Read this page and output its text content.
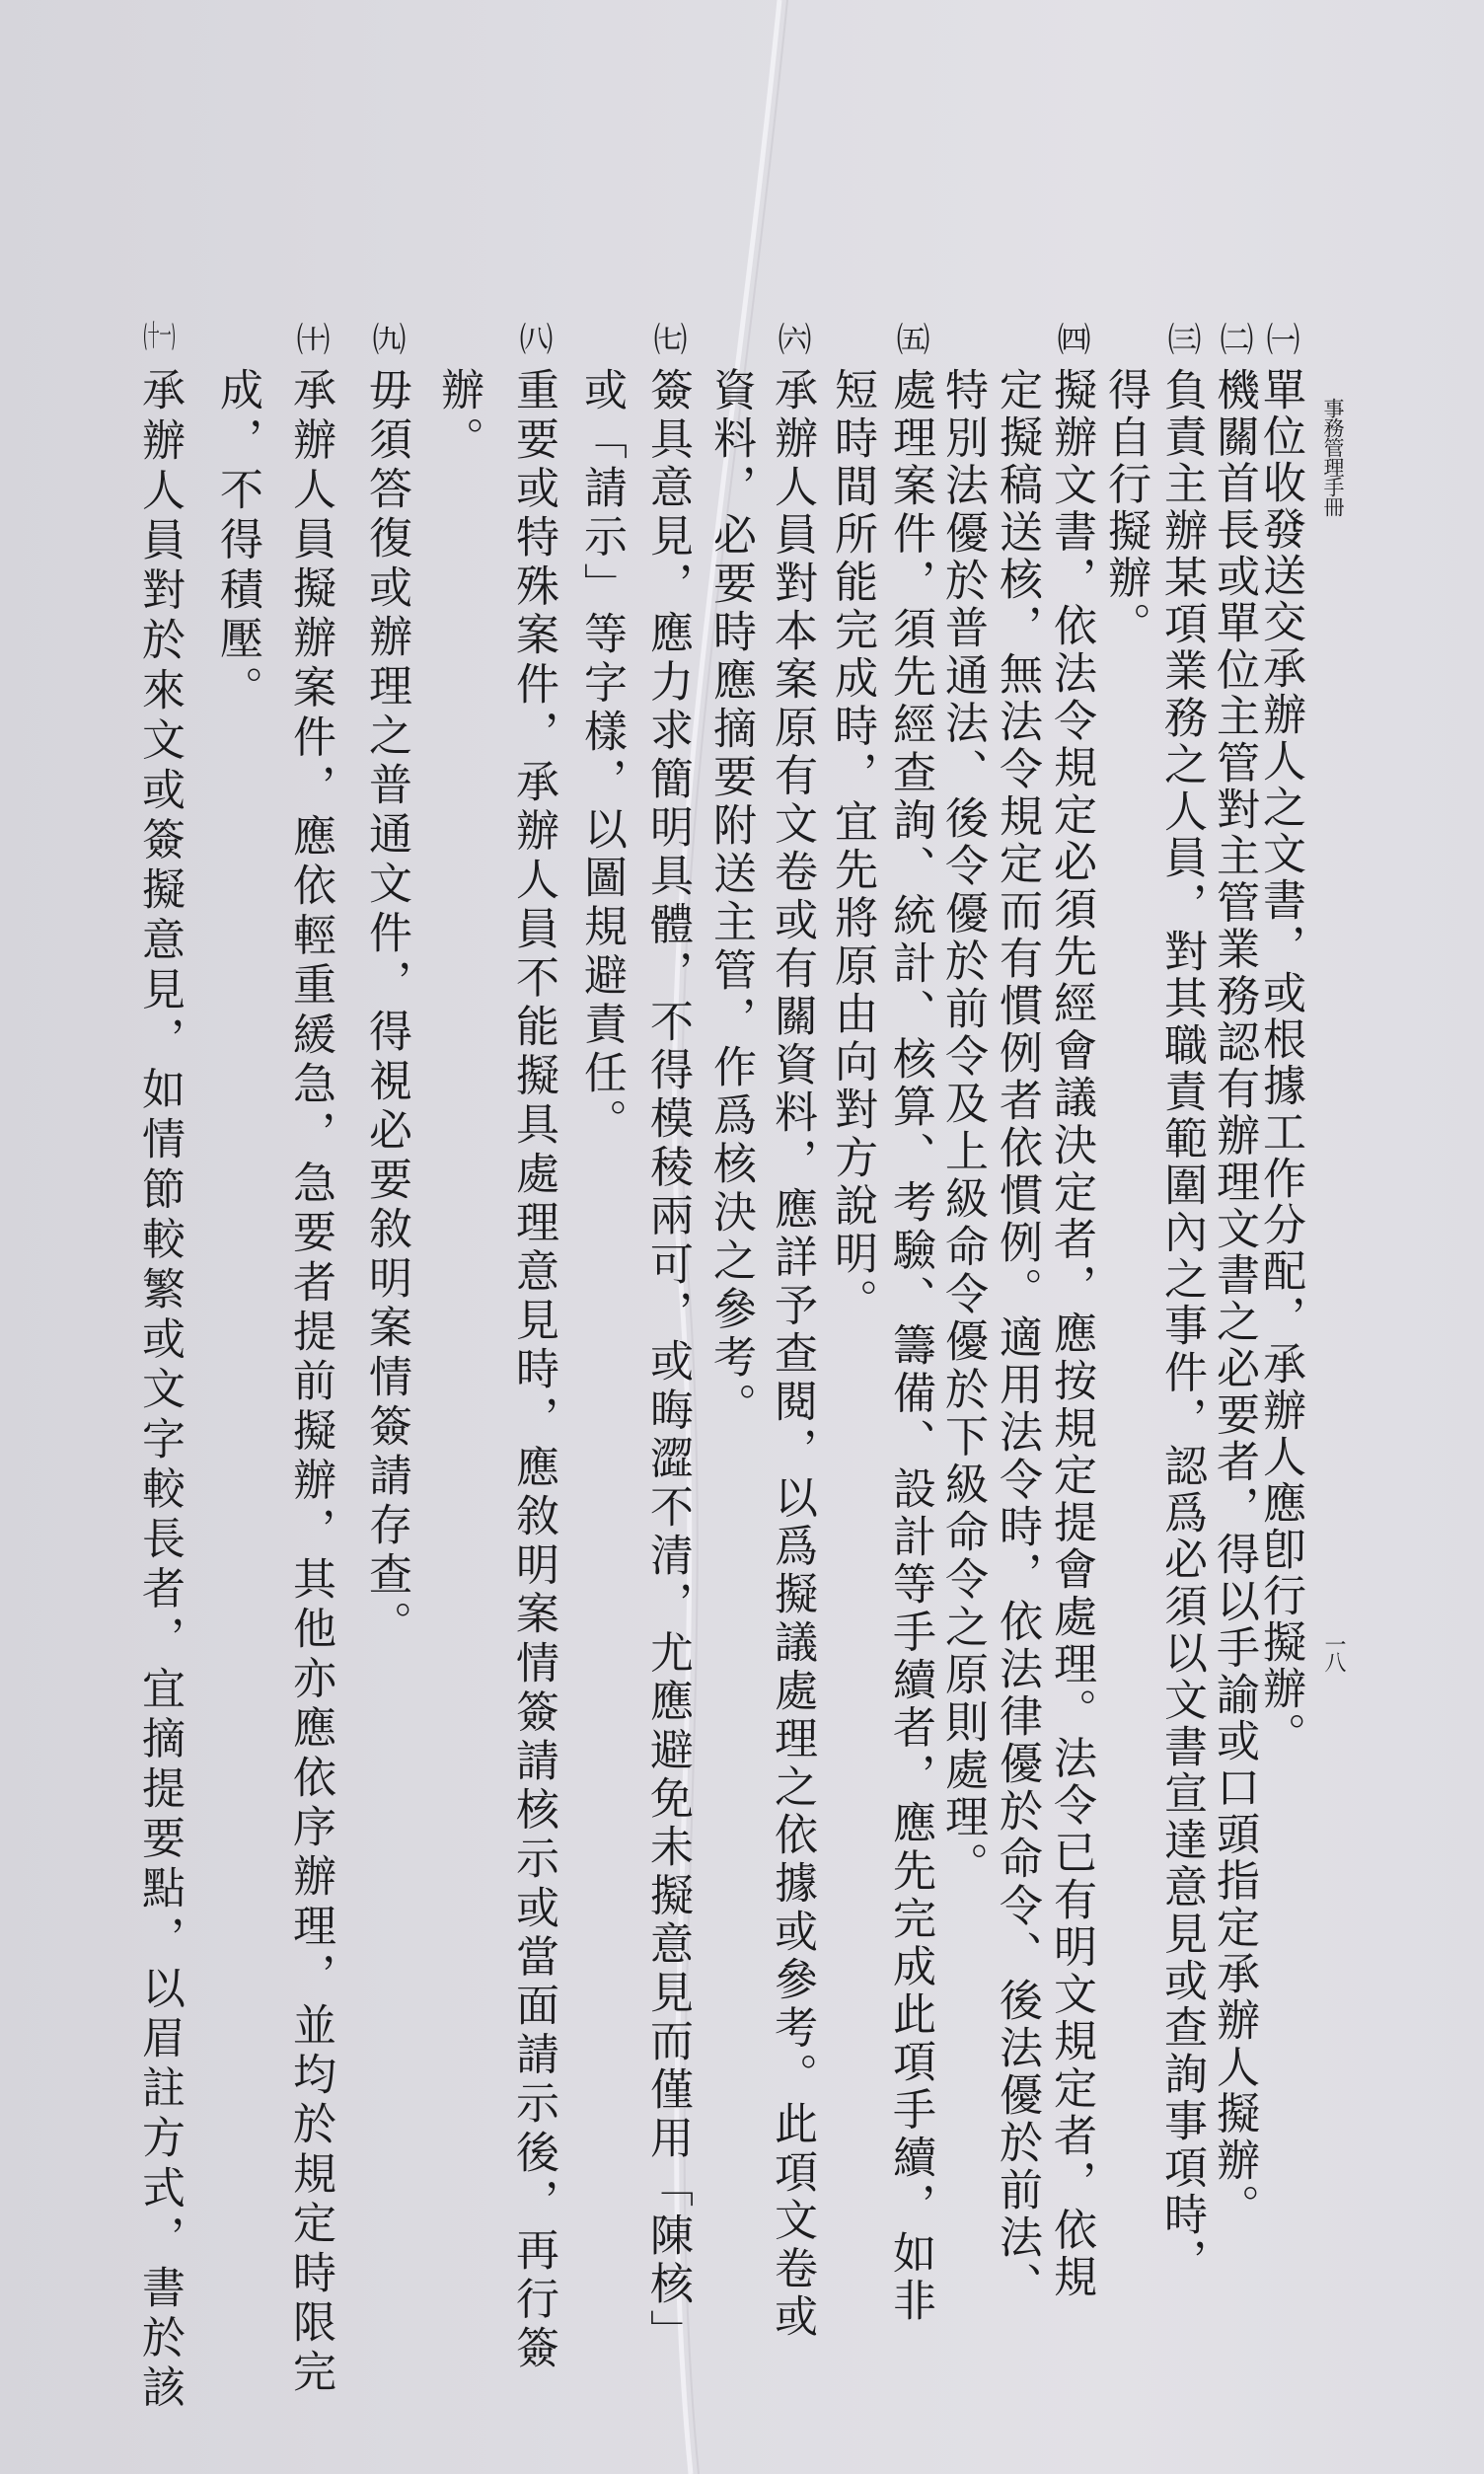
事務管理手冊
一八
㈠
單位收發送交承辦人之文書，或根據工作分配，承辦人應卽行擬辦。
㈡
機關首長或單位主管對主管業務認有辦理文書之必要者，得以手諭或口頭指定承辦人擬辦。
㈢
負責主辦某項業務之人員，對其職責範圍內之事件，認爲必須以文書宣達意見或查詢事項時，
得自行擬辦。
㈣
擬辦文書，依法令規定必須先經會議決定者，應按規定提會處理。法令已有明文規定者，依規
定擬稿送核，無法令規定而有慣例者依慣例。適用法令時，依法律優於命令、後法優於前法、
特別法優於普通法、後令優於前令及上級命令優於下級命令之原則處理。
㈤
處理案件，須先經查詢、統計、核算、考驗、籌備、設計等手續者，應先完成此項手續，如非
短時間所能完成時，宜先將原由向對方說明。
㈥
承辦人員對本案原有文卷或有關資料，應詳予查閱，以爲擬議處理之依據或參考。此項文卷或
資料，必要時應摘要附送主管，作爲核決之參考。
㈦
簽具意見，應力求簡明具體，不得模稜兩可，或晦澀不清，尤應避免未擬意見而僅用「陳核」
或「請示」等字樣，以圖規避責任。
㈧
重要或特殊案件，承辦人員不能擬具處理意見時，應敘明案情簽請核示或當面請示後，再行簽
辦。
㈨
毋須答復或辦理之普通文件，得視必要敘明案情簽請存查。
㈩
承辦人員擬辦案件，應依輕重緩急，急要者提前擬辦，其他亦應依序辦理，並均於規定時限完
成，不得積壓。
(十一)
承辦人員對於來文或簽擬意見，如情節較繁或文字較長者，宜摘提要點，以眉註方式，書於該
